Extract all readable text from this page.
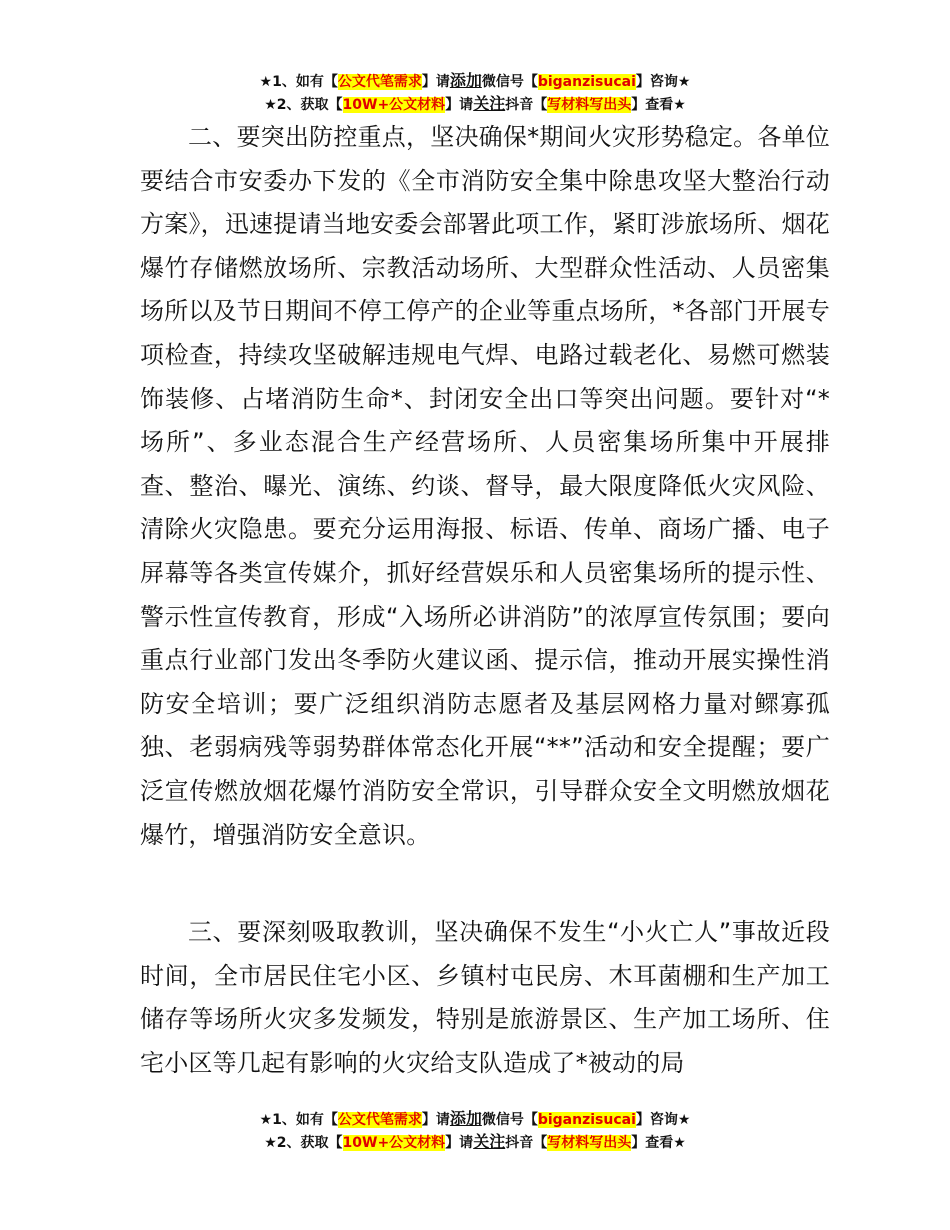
★1、如有【公文代笔需求】请添加微信号【biganzisucai】咨询★
★2、获取【10W+公文材料】请关注抖音【写材料写出头】查看★

二、要突出防控重点，坚决确保*期间火灾形势稳定。各单位要结合市安委办下发的《全市消防安全集中除患攻坚大整治行动方案》，迅速提请当地安委会部署此项工作，紧盯涉旅场所、烟花爆竹存储燃放场所、宗教活动场所、大型群众性活动、人员密集场所以及节日期间不停工停产的企业等重点场所，*各部门开展专项检查，持续攻坚破解违规电气焊、电路过载老化、易燃可燃装饰装修、占堵消防生命*、封闭安全出口等突出问题。要针对“*场所”、多业态混合生产经营场所、人员密集场所集中开展排查、整治、曝光、演练、约谈、督导，最大限度降低火灾风险、清除火灾隐患。要充分运用海报、标语、传单、商场广播、电子屏幕等各类宣传媒介，抓好经营娱乐和人员密集场所的提示性、警示性宣传教育，形成“入场所必讲消防”的浓厚宣传氛围；要向重点行业部门发出冬季防火建议函、提示信，推动开展实操性消防安全培训；要广泛组织消防志愿者及基层网格力量对鳏寡孤独、老弱病残等弱势群体常态化开展“**”活动和安全提醒；要广泛宣传燃放烟花爆竹消防安全常识，引导群众安全文明燃放烟花爆竹，增强消防安全意识。

三、要深刻吸取教训，坚决确保不发生“小火亡人”事故近段时间，全市居民住宅小区、乡镇村屯民房、木耳菌棚和生产加工储存等场所火灾多发频发，特别是旅游景区、生产加工场所、住宅小区等几起有影响的火灾给支队造成了*被动的局

★1、如有【公文代笔需求】请添加微信号【biganzisucai】咨询★
★2、获取【10W+公文材料】请关注抖音【写材料写出头】查看★
